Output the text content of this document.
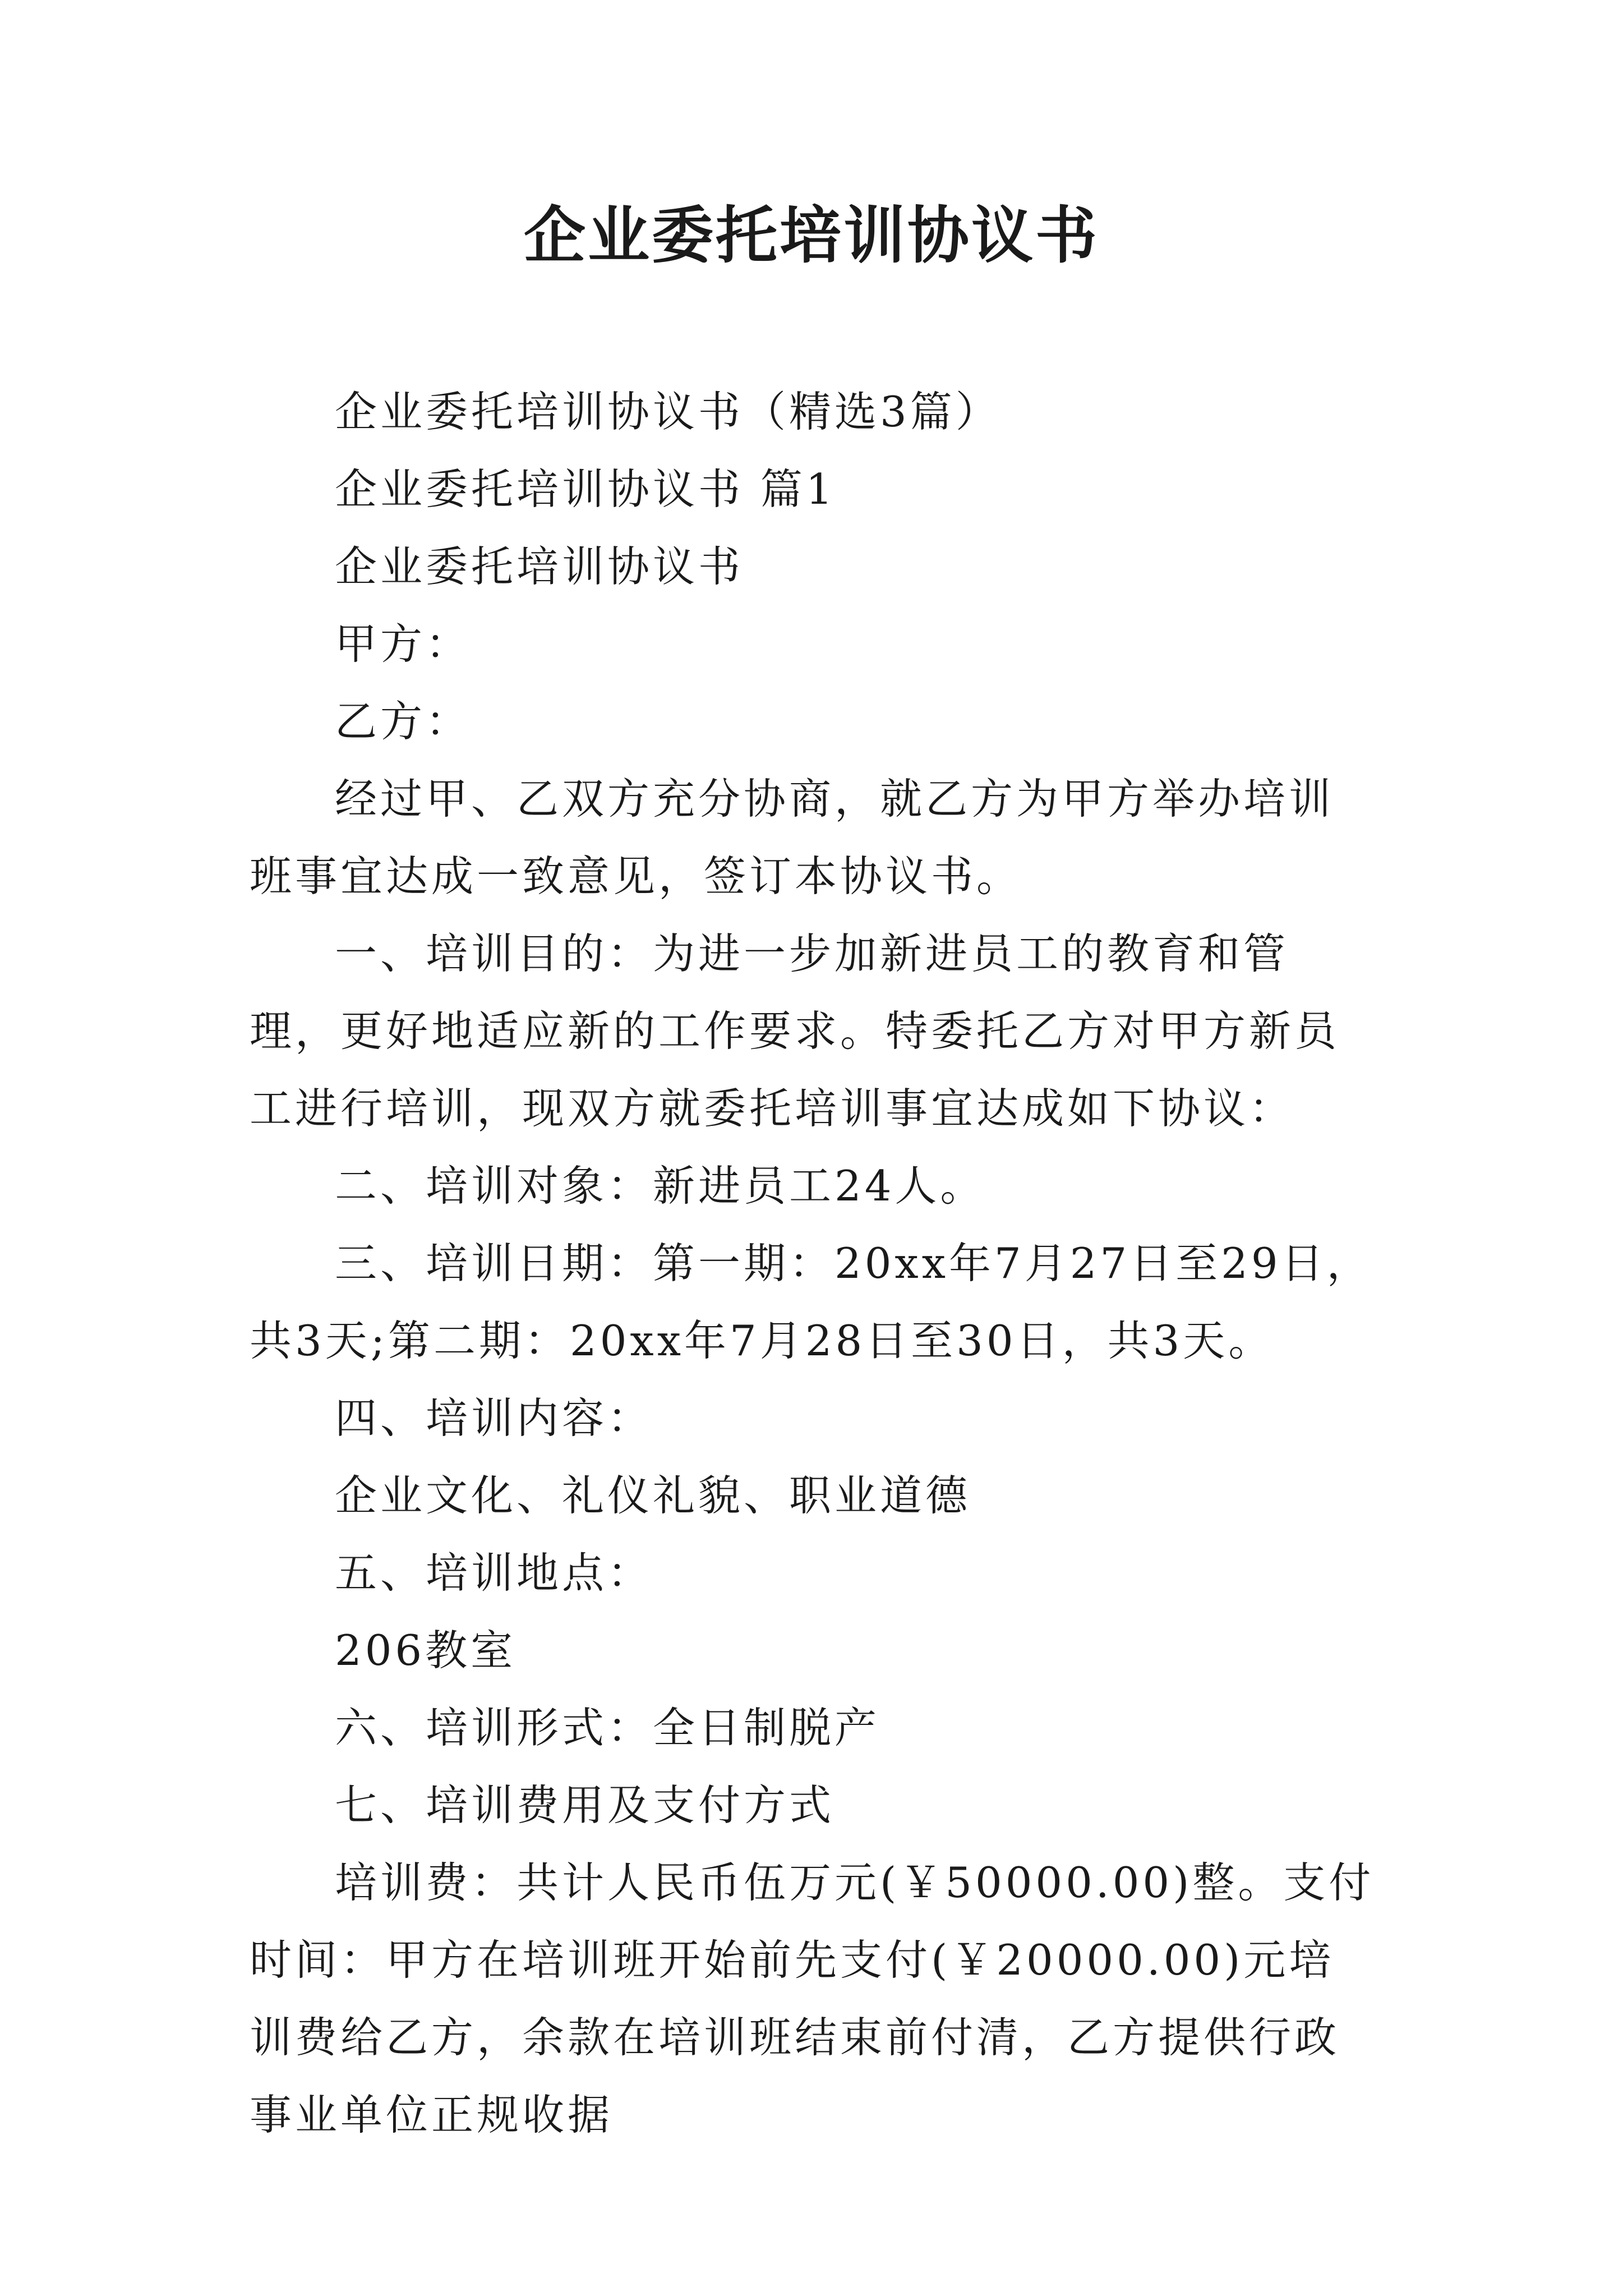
企业委托培训协议书

企业委托培训协议书（精选3篇）

企业委托培训协议书 篇1

企业委托培训协议书

甲方：

乙方：

经过甲、乙双方充分协商，就乙方为甲方举办培训班事宜达成一致意见，签订本协议书。

一、培训目的：为进一步加新进员工的教育和管理，更好地适应新的工作要求。特委托乙方对甲方新员工进行培训，现双方就委托培训事宜达成如下协议：

二、培训对象：新进员工24人。

三、培训日期：第一期：20xx年7月27日至29日，共3天;第二期：20xx年7月28日至30日，共3天。

四、培训内容：

企业文化、礼仪礼貌、职业道德

五、培训地点：

206教室

六、培训形式：全日制脱产

七、培训费用及支付方式

培训费：共计人民币伍万元(￥50000.00)整。支付时间：甲方在培训班开始前先支付(￥20000.00)元培训费给乙方，余款在培训班结束前付清，乙方提供行政事业单位正规收据
